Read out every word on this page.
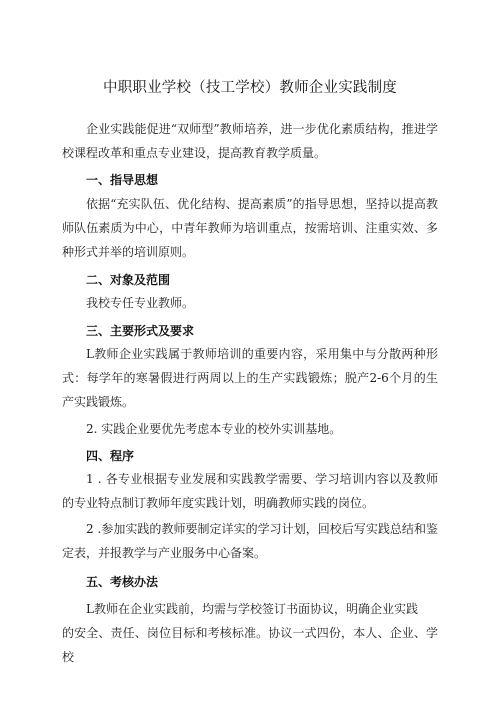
中职职业学校（技工学校）教师企业实践制度

企业实践能促进“双师型”教师培养，进一步优化素质结构，推进学校课程改革和重点专业建设，提高教育教学质量。

一、指导思想

依据“充实队伍、优化结构、提高素质”的指导思想，坚持以提高教师队伍素质为中心，中青年教师为培训重点，按需培训、注重实效、多种形式并举的培训原则。

二、对象及范围

我校专任专业教师。

三、主要形式及要求

L教师企业实践属于教师培训的重要内容，采用集中与分散两种形式：每学年的寒暑假进行两周以上的生产实践锻炼；脱产2-6个月的生产实践锻炼。

2. 实践企业要优先考虑本专业的校外实训基地。

四、程序

1 . 各专业根据专业发展和实践教学需要、学习培训内容以及教师的专业特点制订教师年度实践计划，明确教师实践的岗位。

2 .参加实践的教师要制定详实的学习计划，回校后写实践总结和鉴定表，并报教学与产业服务中心备案。

五、考核办法

L教师在企业实践前，均需与学校签订书面协议，明确企业实践

的安全、责任、岗位目标和考核标准。协议一式四份，本人、企业、学校
